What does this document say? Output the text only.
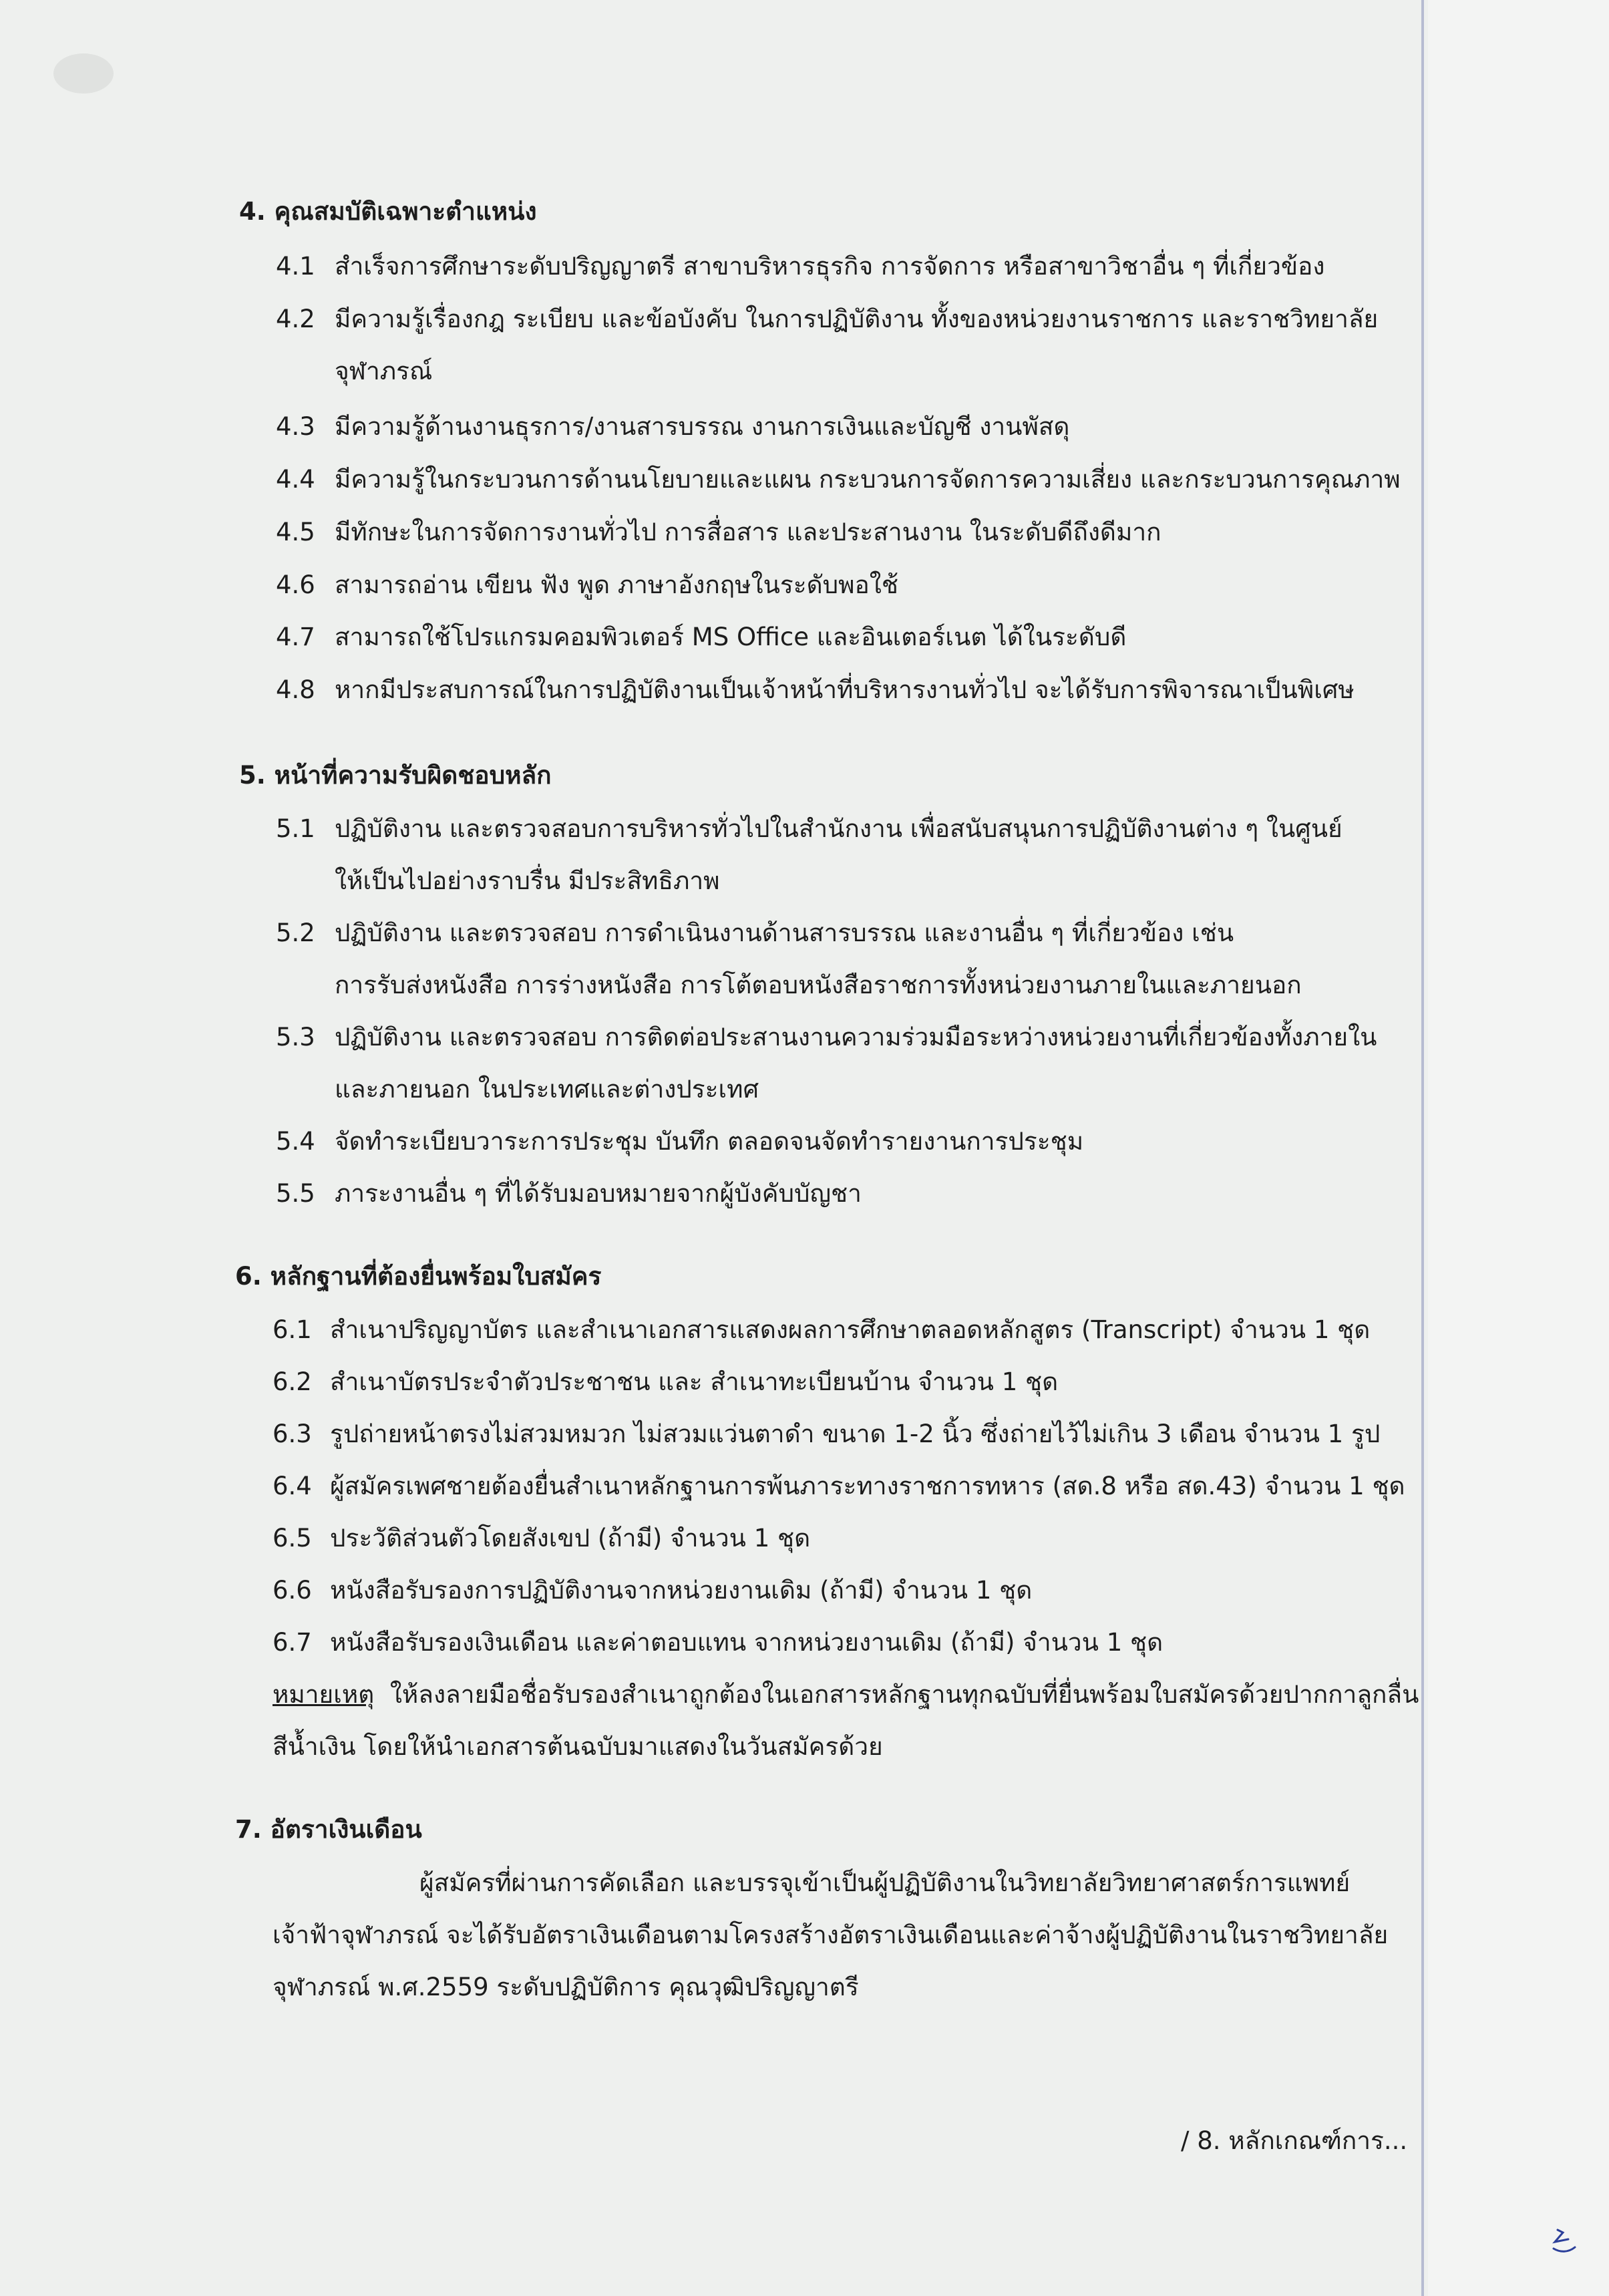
4. คุณสมบัติเฉพาะตำแหน่ง
4.1 สำเร็จการศึกษาระดับปริญญาตรี สาขาบริหารธุรกิจ การจัดการ หรือสาขาวิชาอื่น ๆ ที่เกี่ยวข้อง
4.2 มีความรู้เรื่องกฎ ระเบียบ และข้อบังคับ ในการปฏิบัติงาน ทั้งของหน่วยงานราชการ และราชวิทยาลัย
จุฬาภรณ์
4.3 มีความรู้ด้านงานธุรการ/งานสารบรรณ งานการเงินและบัญชี งานพัสดุ
4.4 มีความรู้ในกระบวนการด้านนโยบายและแผน กระบวนการจัดการความเสี่ยง และกระบวนการคุณภาพ
4.5 มีทักษะในการจัดการงานทั่วไป การสื่อสาร และประสานงาน ในระดับดีถึงดีมาก
4.6 สามารถอ่าน เขียน ฟัง พูด ภาษาอังกฤษในระดับพอใช้
4.7 สามารถใช้โปรแกรมคอมพิวเตอร์ MS Office และอินเตอร์เนต ได้ในระดับดี
4.8 หากมีประสบการณ์ในการปฏิบัติงานเป็นเจ้าหน้าที่บริหารงานทั่วไป จะได้รับการพิจารณาเป็นพิเศษ
5. หน้าที่ความรับผิดชอบหลัก
5.1 ปฏิบัติงาน และตรวจสอบการบริหารทั่วไปในสำนักงาน เพื่อสนับสนุนการปฏิบัติงานต่าง ๆ ในศูนย์
ให้เป็นไปอย่างราบรื่น มีประสิทธิภาพ
5.2 ปฏิบัติงาน และตรวจสอบ การดำเนินงานด้านสารบรรณ และงานอื่น ๆ ที่เกี่ยวข้อง เช่น
การรับส่งหนังสือ การร่างหนังสือ การโต้ตอบหนังสือราชการทั้งหน่วยงานภายในและภายนอก
5.3 ปฏิบัติงาน และตรวจสอบ การติดต่อประสานงานความร่วมมือระหว่างหน่วยงานที่เกี่ยวข้องทั้งภายใน
และภายนอก ในประเทศและต่างประเทศ
5.4 จัดทำระเบียบวาระการประชุม บันทึก ตลอดจนจัดทำรายงานการประชุม
5.5 ภาระงานอื่น ๆ ที่ได้รับมอบหมายจากผู้บังคับบัญชา
6. หลักฐานที่ต้องยื่นพร้อมใบสมัคร
6.1 สำเนาปริญญาบัตร และสำเนาเอกสารแสดงผลการศึกษาตลอดหลักสูตร (Transcript) จำนวน 1 ชุด
6.2 สำเนาบัตรประจำตัวประชาชน และ สำเนาทะเบียนบ้าน จำนวน 1 ชุด
6.3 รูปถ่ายหน้าตรงไม่สวมหมวก ไม่สวมแว่นตาดำ ขนาด 1-2 นิ้ว ซึ่งถ่ายไว้ไม่เกิน 3 เดือน จำนวน 1 รูป
6.4 ผู้สมัครเพศชายต้องยื่นสำเนาหลักฐานการพ้นภาระทางราชการทหาร (สด.8 หรือ สด.43) จำนวน 1 ชุด
6.5 ประวัติส่วนตัวโดยสังเขป (ถ้ามี) จำนวน 1 ชุด
6.6 หนังสือรับรองการปฏิบัติงานจากหน่วยงานเดิม (ถ้ามี) จำนวน 1 ชุด
6.7 หนังสือรับรองเงินเดือน และค่าตอบแทน จากหน่วยงานเดิม (ถ้ามี) จำนวน 1 ชุด
หมายเหตุ ให้ลงลายมือชื่อรับรองสำเนาถูกต้องในเอกสารหลักฐานทุกฉบับที่ยื่นพร้อมใบสมัครด้วยปากกาลูกลื่น
สีน้ำเงิน โดยให้นำเอกสารต้นฉบับมาแสดงในวันสมัครด้วย
7. อัตราเงินเดือน
ผู้สมัครที่ผ่านการคัดเลือก และบรรจุเข้าเป็นผู้ปฏิบัติงานในวิทยาลัยวิทยาศาสตร์การแพทย์
เจ้าฟ้าจุฬาภรณ์ จะได้รับอัตราเงินเดือนตามโครงสร้างอัตราเงินเดือนและค่าจ้างผู้ปฏิบัติงานในราชวิทยาลัย
จุฬาภรณ์ พ.ศ.2559 ระดับปฏิบัติการ คุณวุฒิปริญญาตรี
/ 8. หลักเกณฑ์การ...
